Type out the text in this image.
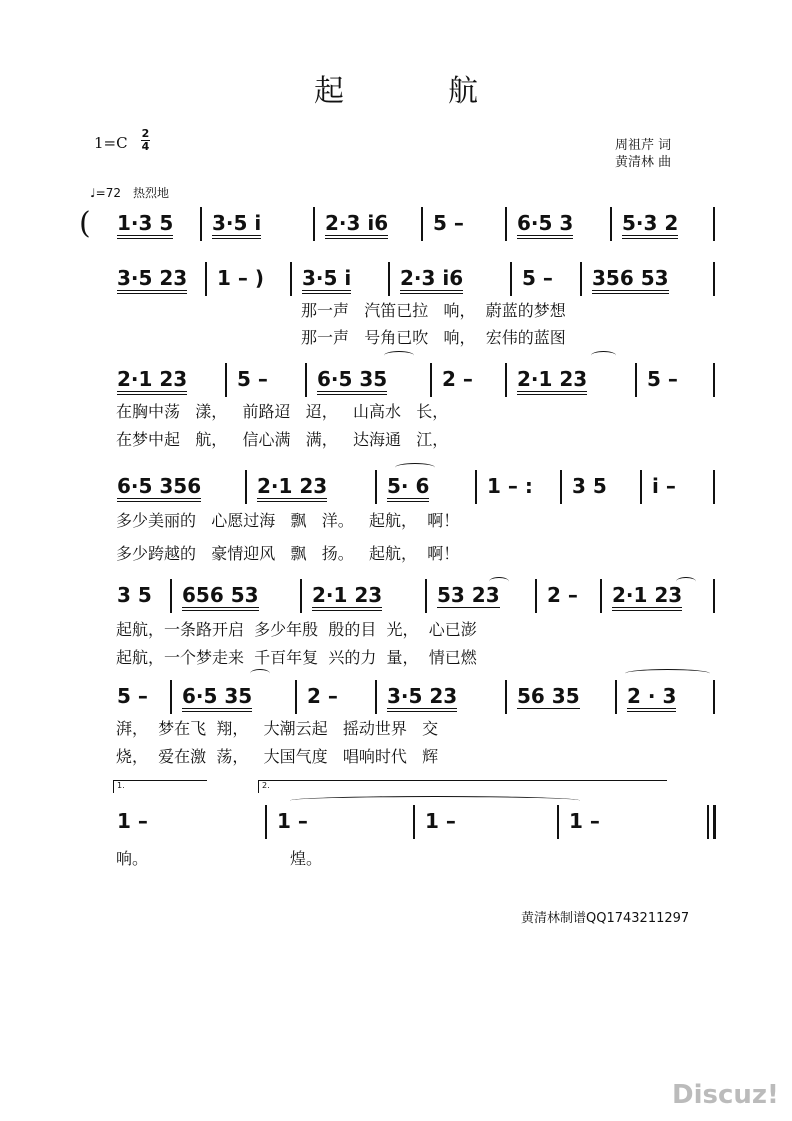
起	航
1=C
2
4	周祖芹 词
黄清林 曲
♩=72 热烈地
( 1·3 5 3·5 i	2·3 i6 5 –	6·5 3 5·3 2
3·5 23 1 – ) 3·5 i 2·3 i6	5 – 356 53
那一声   汽笛已拉   响，  蔚蓝的梦想
那一声   号角已吹   响，  宏伟的蓝图
2·1 23 5 – 6·5 35	2 – 2·1 23	5 –
在胸中荡   漾，   前路迢   迢，   山高水   长，
在梦中起   航，   信心满   满，   达海通   江，
6·5 356	2·1 23	5· 6	1 – : 3 5 i –
多少美丽的   心愿过海   飘   洋。   起航，  啊！
多少跨越的   豪情迎风   飘   扬。   起航，  啊！
3 5 656 53	2·1 23	53 23 2 – 2·1 23
起航，一条路开启  多少年殷  殷的目  光，  心已澎
起航，一个梦走来  千百年复  兴的力  量，  情已燃
5 – 6·5 35	2 – 3·5 23	56 35 2 · 3
湃，  梦在飞  翔，   大潮云起   摇动世界   交
烧，  爱在激  荡，   大国气度   唱响时代   辉
1 –	1 –	1 –	1 –
响。	煌。
1.	2.
黄清林制谱QQ1743211297
Discuz!
